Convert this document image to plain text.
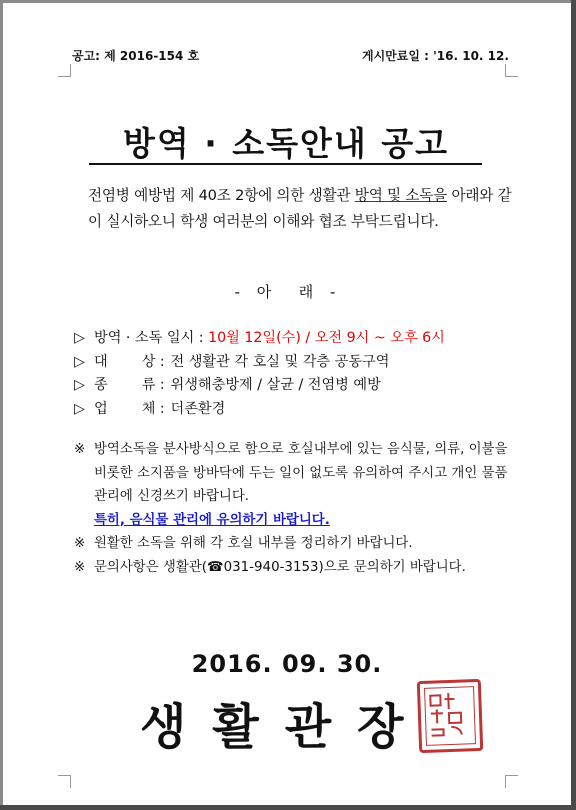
공고: 제 2016-154 호	게시만료일 : '16. 10. 12.
방역 · 소독안내 공고
전염병 예방법 제 40조 2항에 의한 생활관 방역 및 소독을 아래와 같이 실시하오니 학생 여러분의 이해와 협조 부탁드립니다.
- 아  래 -
▷ 방역 · 소독 일시 : 10월 12일(수) / 오전 9시 ~ 오후 6시
▷ 대 상 : 전 생활관 각 호실 및 각층 공동구역
▷ 종 류 : 위생해충방제 / 살균 / 전염병 예방
▷ 업 체 : 더존환경
※ 방역소독을 분사방식으로 함으로 호실내부에 있는 음식물, 의류, 이불을 비롯한 소지품을 방바닥에 두는 일이 없도록 유의하여 주시고 개인 물품관리에 신경쓰기 바랍니다.
특히, 음식물 관리에 유의하기 바랍니다.
※ 원활한 소독을 위해 각 호실 내부를 정리하기 바랍니다.
※ 문의사항은 생활관(☎031-940-3153)으로 문의하기 바랍니다.
2016. 09. 30.
생활관장
